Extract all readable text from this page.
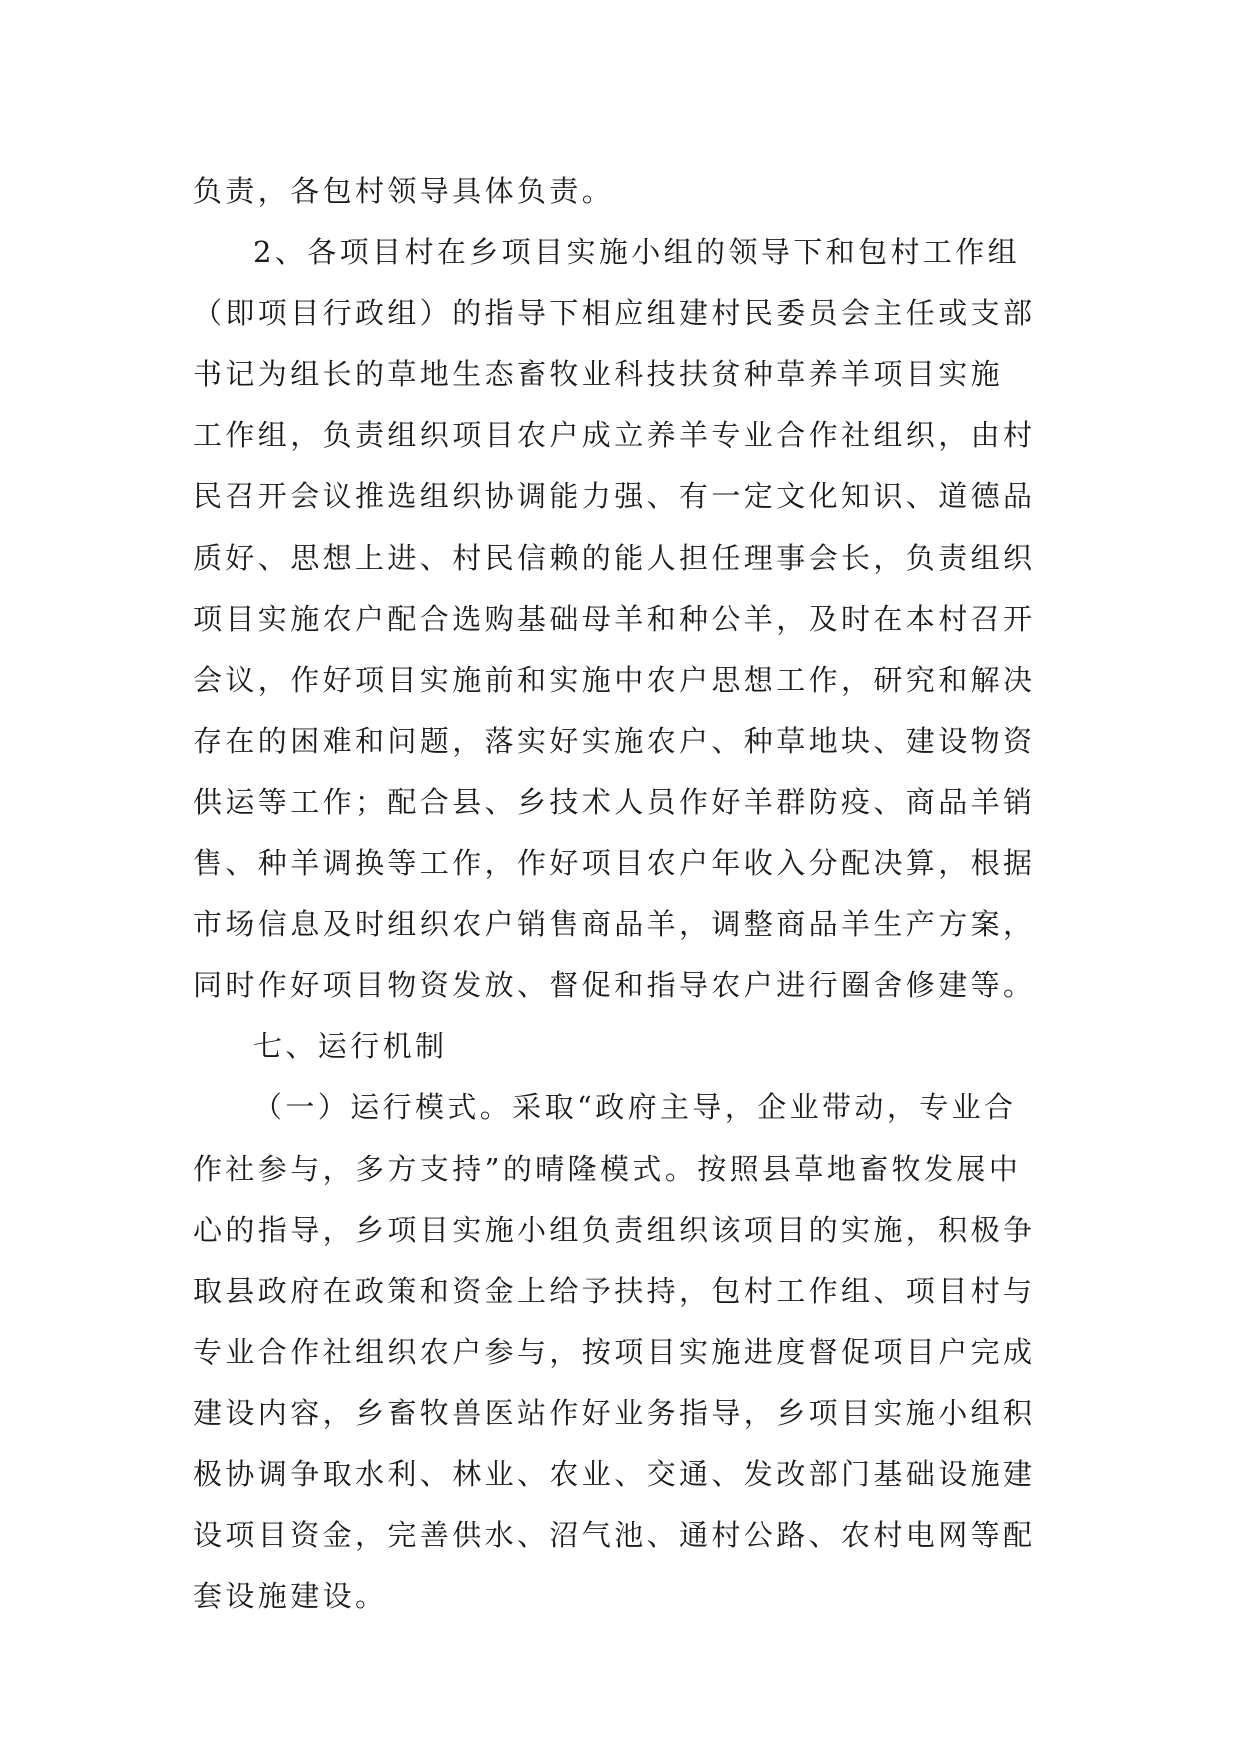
负责，各包村领导具体负责。
2、各项目村在乡项目实施小组的领导下和包村工作组
（即项目行政组）的指导下相应组建村民委员会主任或支部
书记为组长的草地生态畜牧业科技扶贫种草养羊项目实施
工作组，负责组织项目农户成立养羊专业合作社组织，由村
民召开会议推选组织协调能力强、有一定文化知识、道德品
质好、思想上进、村民信赖的能人担任理事会长，负责组织
项目实施农户配合选购基础母羊和种公羊，及时在本村召开
会议，作好项目实施前和实施中农户思想工作，研究和解决
存在的困难和问题，落实好实施农户、种草地块、建设物资
供运等工作；配合县、乡技术人员作好羊群防疫、商品羊销
售、种羊调换等工作，作好项目农户年收入分配决算，根据
市场信息及时组织农户销售商品羊，调整商品羊生产方案，
同时作好项目物资发放、督促和指导农户进行圈舍修建等。
七、运行机制
（一）运行模式。采取“政府主导，企业带动，专业合
作社参与，多方支持”的晴隆模式。按照县草地畜牧发展中
心的指导，乡项目实施小组负责组织该项目的实施，积极争
取县政府在政策和资金上给予扶持，包村工作组、项目村与
专业合作社组织农户参与，按项目实施进度督促项目户完成
建设内容，乡畜牧兽医站作好业务指导，乡项目实施小组积
极协调争取水利、林业、农业、交通、发改部门基础设施建
设项目资金，完善供水、沼气池、通村公路、农村电网等配
套设施建设。
